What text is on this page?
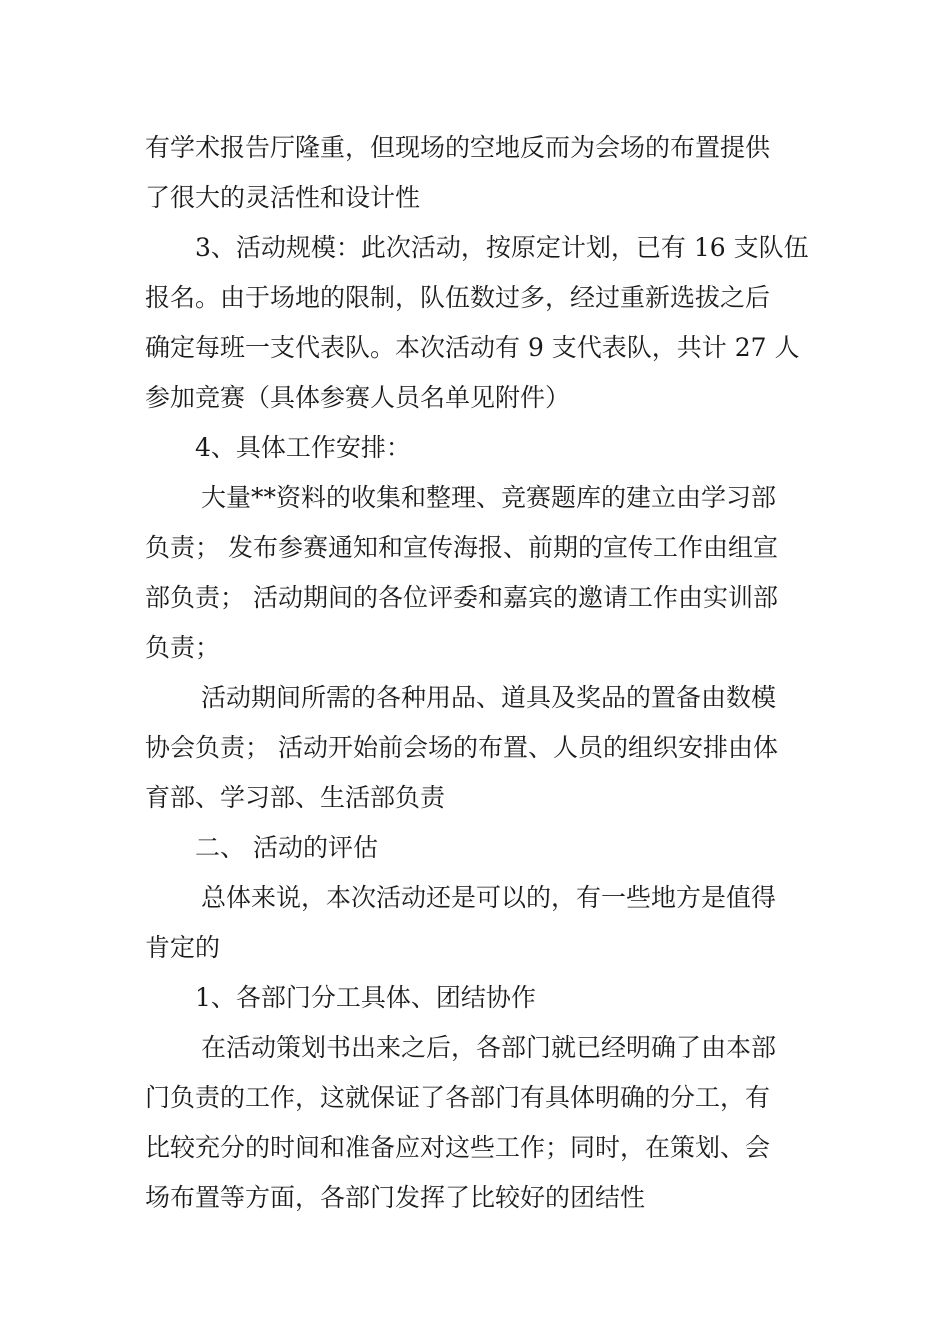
有学术报告厅隆重，但现场的空地反而为会场的布置提供
了很大的灵活性和设计性
3、活动规模：此次活动，按原定计划，已有 16 支队伍
报名。由于场地的限制，队伍数过多，经过重新选拔之后
确定每班一支代表队。本次活动有 9 支代表队，共计 27 人
参加竞赛（具体参赛人员名单见附件）
4、具体工作安排：
大量**资料的收集和整理、竞赛题库的建立由学习部
负责； 发布参赛通知和宣传海报、前期的宣传工作由组宣
部负责； 活动期间的各位评委和嘉宾的邀请工作由实训部
负责；
活动期间所需的各种用品、道具及奖品的置备由数模
协会负责； 活动开始前会场的布置、人员的组织安排由体
育部、学习部、生活部负责
二、 活动的评估
总体来说，本次活动还是可以的，有一些地方是值得
肯定的
1、各部门分工具体、团结协作
在活动策划书出来之后，各部门就已经明确了由本部
门负责的工作，这就保证了各部门有具体明确的分工，有
比较充分的时间和准备应对这些工作；同时，在策划、会
场布置等方面，各部门发挥了比较好的团结性
